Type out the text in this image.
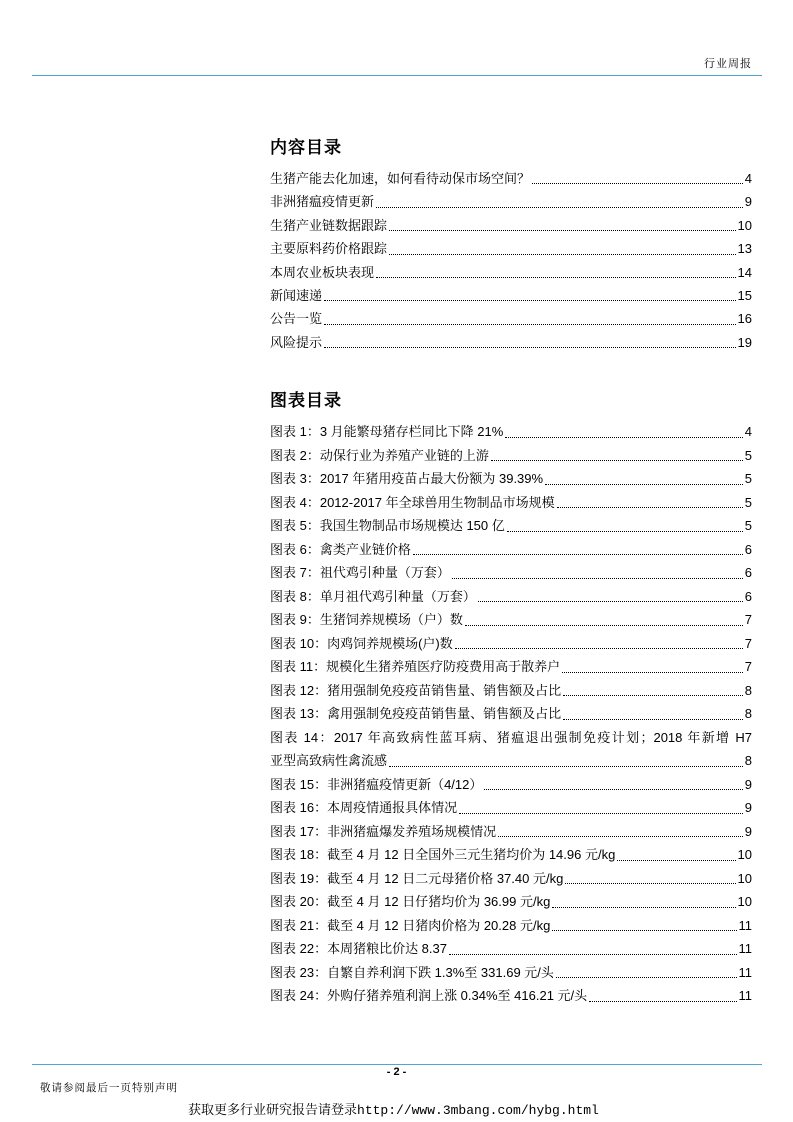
行业周报
内容目录
生猪产能去化加速，如何看待动保市场空间？	4
非洲猪瘟疫情更新	9
生猪产业链数据跟踪	10
主要原料药价格跟踪	13
本周农业板块表现	14
新闻速递	15
公告一览	16
风险提示	19
图表目录
图表 1：3 月能繁母猪存栏同比下降 21%	4
图表 2：动保行业为养殖产业链的上游	5
图表 3：2017 年猪用疫苗占最大份额为 39.39%	5
图表 4：2012-2017 年全球兽用生物制品市场规模	5
图表 5：我国生物制品市场规模达 150 亿	5
图表 6：禽类产业链价格	6
图表 7：祖代鸡引种量（万套）	6
图表 8：单月祖代鸡引种量（万套）	6
图表 9：生猪饲养规模场（户）数	7
图表 10：肉鸡饲养规模场(户)数	7
图表 11：规模化生猪养殖医疗防疫费用高于散养户	7
图表 12：猪用强制免疫疫苗销售量、销售额及占比	8
图表 13：禽用强制免疫疫苗销售量、销售额及占比	8
图表 14：2017 年高致病性蓝耳病、猪瘟退出强制免疫计划；2018 年新增 H7
亚型高致病性禽流感	8
图表 15：非洲猪瘟疫情更新（4/12）	9
图表 16：本周疫情通报具体情况	9
图表 17：非洲猪瘟爆发养殖场规模情况	9
图表 18：截至 4 月 12 日全国外三元生猪均价为 14.96 元/kg	10
图表 19：截至 4 月 12 日二元母猪价格 37.40 元/kg	10
图表 20：截至 4 月 12 日仔猪均价为 36.99 元/kg	10
图表 21：截至 4 月 12 日猪肉价格为 20.28 元/kg	11
图表 22：本周猪粮比价达 8.37	11
图表 23：自繁自养利润下跌 1.3%至 331.69 元/头	11
图表 24：外购仔猪养殖利润上涨 0.34%至 416.21 元/头	11
- 2 -
敬请参阅最后一页特别声明
获取更多行业研究报告请登录http://www.3mbang.com/hybg.html
